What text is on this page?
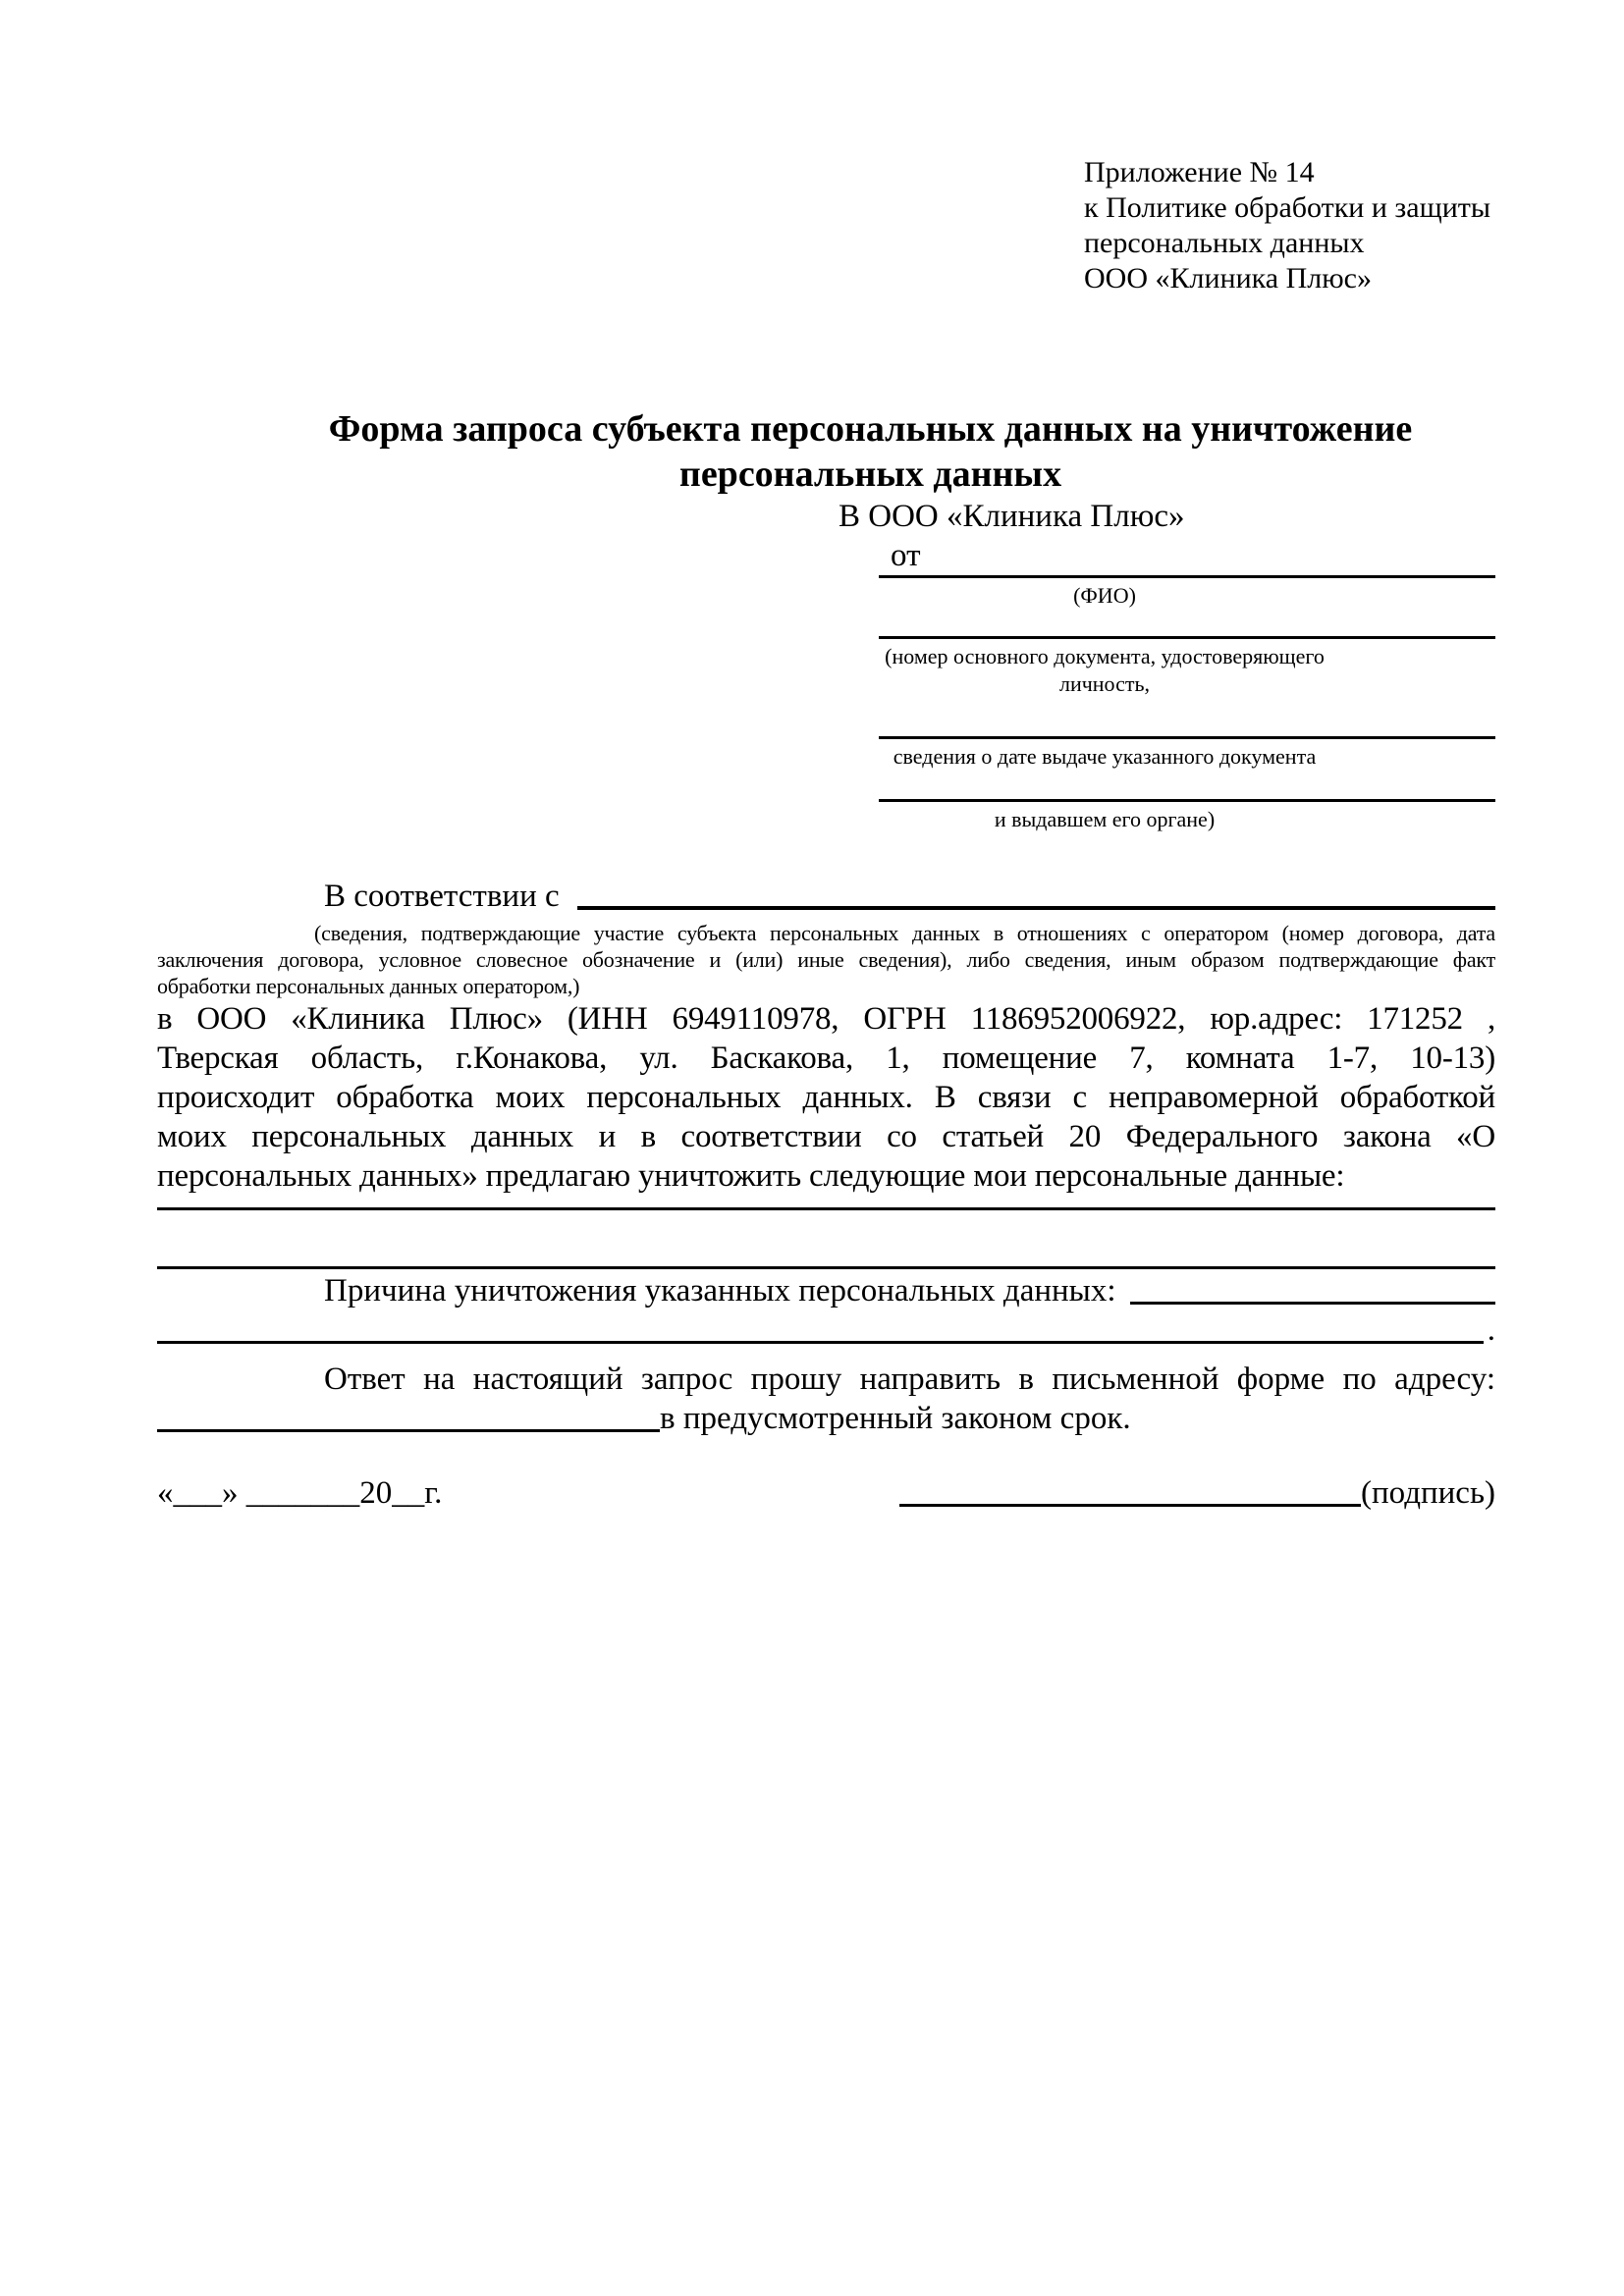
Приложение № 14
к Политике обработки и защиты
персональных данных
ООО «Клиника Плюс»
Форма запроса субъекта персональных данных на уничтожение
персональных данных
В ООО «Клиника Плюс»
от
(ФИО)
(номер основного документа, удостоверяющего личность,
сведения о дате выдаче указанного документа
и выдавшем его органе)
В соответствии с
(сведения, подтверждающие участие субъекта персональных данных в отношениях с оператором (номер договора, дата
заключения договора, условное словесное обозначение и (или) иные сведения), либо сведения, иным образом подтверждающие факт
обработки персональных данных оператором,)
в ООО «Клиника Плюс» (ИНН 6949110978, ОГРН 1186952006922, юр.адрес: 171252 ,
Тверская область, г.Конакова, ул. Баскакова, 1, помещение 7, комната 1-7, 10-13)
происходит обработка моих персональных данных. В связи с неправомерной обработкой
моих персональных данных и в соответствии со статьей 20 Федерального закона «О
персональных данных» предлагаю уничтожить следующие мои персональные данные:
Причина уничтожения указанных персональных данных:
.
Ответ на настоящий запрос прошу направить в письменной форме по адресу:
в предусмотренный законом срок.
«___» _______20__г.	(подпись)
